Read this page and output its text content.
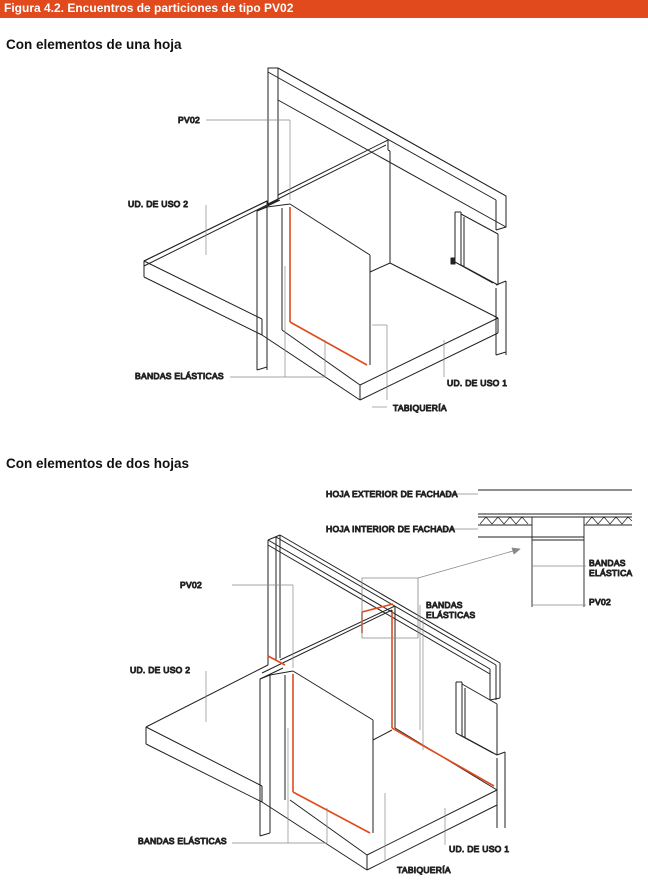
Figura 4.2. Encuentros de particiones de tipo PV02
Con elementos de una hoja
Con elementos de dos hojas
PV02
UD. DE USO 2
BANDAS ELÁSTICAS
UD. DE USO 1
TABIQUERÍA
HOJA EXTERIOR DE FACHADA
HOJA INTERIOR DE FACHADA
BANDAS
ELÁSTICA
PV02
PV02
BANDAS
ELÁSTICAS
UD. DE USO 2
BANDAS ELÁSTICAS
UD. DE USO 1
TABIQUERÍA
